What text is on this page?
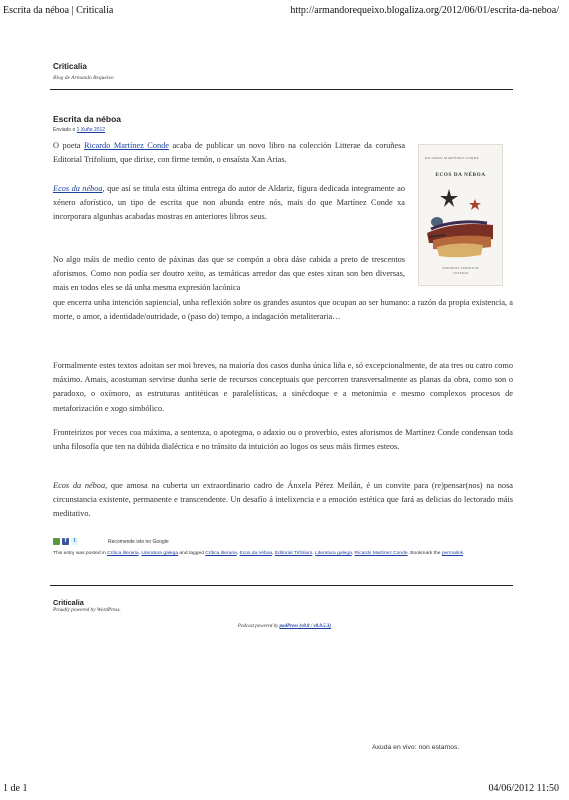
Escrita da néboa | Criticalia	http://armandorequeixo.blogaliza.org/2012/06/01/escrita-da-neboa/
Criticalia
Blog de Armando Requeixo
Escrita da néboa
Enviado o 1 Xuño 2012
RICARDO MARTÍNEZ CONDE
ECOS DA NÉBOA
EDITORIAL TRIFOLIUM
LITTERAE

O poeta Ricardo Martínez Conde acaba de publicar un novo libro na colección Litterae da coruñesa Editorial Trifolium, que dirixe, con firme temón, o ensaísta Xan Arias.

Ecos da néboa, que así se titula esta última entrega do autor de Aldariz, figura dedicada integramente ao xénero aforístico, un tipo de escrita que non abunda entre nós, mais do que Martínez Conde xa incorporara algunhas acabadas mostras en anteriores libros seus.

No algo máis de medio cento de páxinas das que se compón a obra dáse cabida a preto de trescentos aforismos. Como non podía ser doutro xeito, as temáticas arredor das que estes xiran son ben diversas, mais en todos eles se dá unha mesma expresión lacónica

que encerra unha intención sapiencial, unha reflexión sobre os grandes asuntos que ocupan ao ser humano: a razón da propia existencia, a morte, o amor, a identidade/outridade, o (paso do) tempo, a indagación metaliteraria…

Formalmente estes textos adoitan ser moi breves, na maioría dos casos dunha única liña e, só excepcionalmente, de ata tres ou catro como máximo. Amais, acostuman servirse dunha serie de recursos conceptuais que percorren transversalmente as planas da obra, como son o paradoxo, o oxímoro, as estruturas antitéticas e paralelísticas, a sinécdoque e a metonimia e mesmo complexos procesos de metaforización e xogo simbólico.

Fronteirizos por veces coa máxima, a sentenza, o apotegma, o adaxio ou o proverbio, estes aforismos de Martínez Conde condensan toda unha filosofía que ten na dúbida dialéctica e no tránsito da intuición ao logos os seus máis firmes esteos.

Ecos da néboa, que amosa na cuberta un extraordinario cadro de Ánxela Pérez Meilán, é un convite para (re)pensar(nos) na nosa circunstancia existente, permanente e transcendente. Un desafío á intelixencia e a emoción estética que fará as delicias do lectorado máis meditativo.

f	t	Recomende isto no Google
This entry was posted in Crítica literaria, Literatura galega and tagged Crítica literaria, Ecos da néboa, Editorial Trifolium, Literatura galega, Ricardo Martínez Conde. Bookmark the permalink.
Criticalia
Proudly powered by WordPress.
Podcast powered by podPress (v8.8 / v8.8.5.3)
Axuda en vivo: non estamos.
1 de 1	04/06/2012 11:50
